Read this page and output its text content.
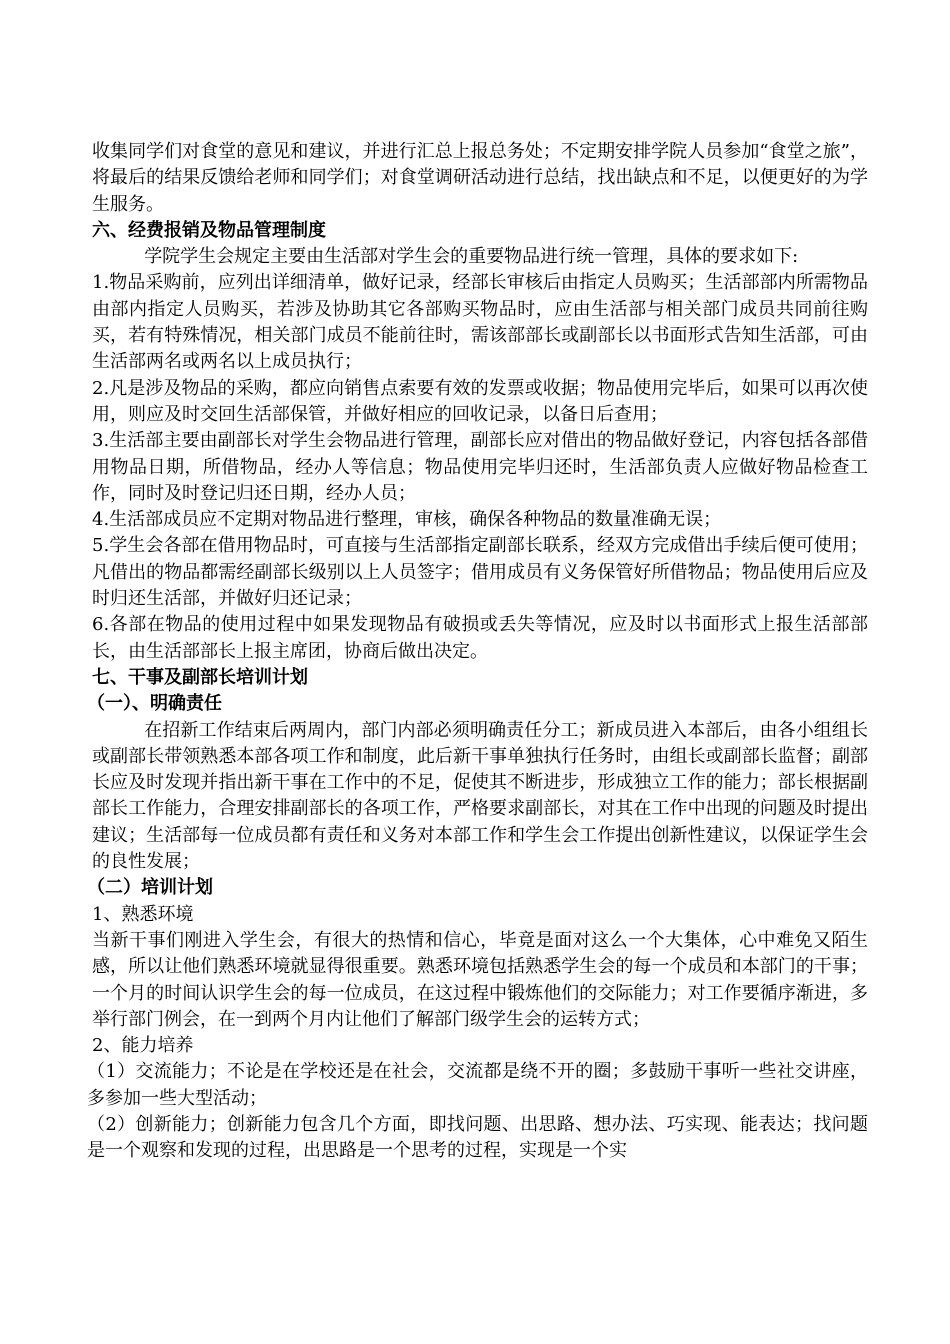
收集同学们对食堂的意见和建议，并进行汇总上报总务处；不定期安排学院人员参加“食堂之旅”，将最后的结果反馈给老师和同学们；对食堂调研活动进行总结，找出缺点和不足，以便更好的为学生服务。

六、经费报销及物品管理制度

学院学生会规定主要由生活部对学生会的重要物品进行统一管理，具体的要求如下:

1.物品采购前，应列出详细清单，做好记录，经部长审核后由指定人员购买；生活部部内所需物品由部内指定人员购买，若涉及协助其它各部购买物品时，应由生活部与相关部门成员共同前往购买，若有特殊情况，相关部门成员不能前往时，需该部部长或副部长以书面形式告知生活部，可由生活部两名或两名以上成员执行；

2.凡是涉及物品的采购，都应向销售点索要有效的发票或收据；物品使用完毕后，如果可以再次使用，则应及时交回生活部保管，并做好相应的回收记录，以备日后查用；

3.生活部主要由副部长对学生会物品进行管理，副部长应对借出的物品做好登记，内容包括各部借用物品日期，所借物品，经办人等信息；物品使用完毕归还时，生活部负责人应做好物品检查工作，同时及时登记归还日期，经办人员；

4.生活部成员应不定期对物品进行整理，审核，确保各种物品的数量准确无误；

5.学生会各部在借用物品时，可直接与生活部指定副部长联系，经双方完成借出手续后便可使用；凡借出的物品都需经副部长级别以上人员签字；借用成员有义务保管好所借物品；物品使用后应及时归还生活部，并做好归还记录；

6.各部在物品的使用过程中如果发现物品有破损或丢失等情况，应及时以书面形式上报生活部部长，由生活部部长上报主席团，协商后做出决定。

七、干事及副部长培训计划

（一）、明确责任

在招新工作结束后两周内，部门内部必须明确责任分工；新成员进入本部后，由各小组组长或副部长带领熟悉本部各项工作和制度，此后新干事单独执行任务时，由组长或副部长监督；副部长应及时发现并指出新干事在工作中的不足，促使其不断进步，形成独立工作的能力；部长根据副部长工作能力，合理安排副部长的各项工作，严格要求副部长，对其在工作中出现的问题及时提出建议；生活部每一位成员都有责任和义务对本部工作和学生会工作提出创新性建议，以保证学生会的良性发展；

（二）培训计划

1、熟悉环境

当新干事们刚进入学生会，有很大的热情和信心，毕竟是面对这么一个大集体，心中难免又陌生感，所以让他们熟悉环境就显得很重要。熟悉环境包括熟悉学生会的每一个成员和本部门的干事；一个月的时间认识学生会的每一位成员，在这过程中锻炼他们的交际能力；对工作要循序渐进，多举行部门例会，在一到两个月内让他们了解部门级学生会的运转方式；

2、能力培养

（1）交流能力；不论是在学校还是在社会，交流都是绕不开的圈；多鼓励干事听一些社交讲座，多参加一些大型活动；

（2）创新能力；创新能力包含几个方面，即找问题、出思路、想办法、巧实现、能表达；找问题是一个观察和发现的过程，出思路是一个思考的过程，实现是一个实
